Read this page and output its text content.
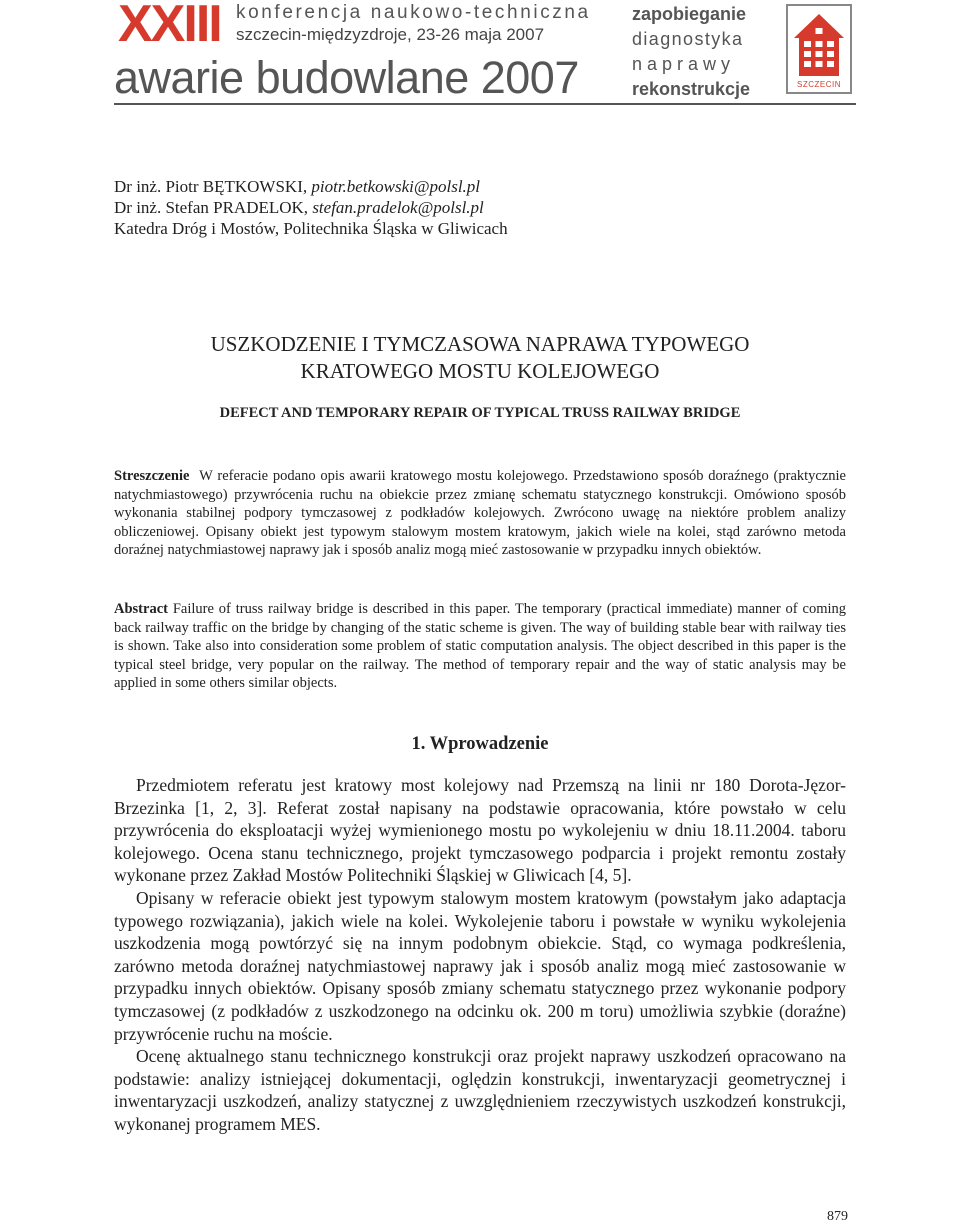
XXIII konferencja naukowo-techniczna
szczecin-międzyzdroje, 23-26 maja 2007
awarie budowlane 2007
zapobieganie
diagnostyka
naprawy
rekonstrukcje	SZCZECIN
Dr inż. Piotr BĘTKOWSKI, piotr.betkowski@polsl.pl
Dr inż. Stefan PRADELOK, stefan.pradelok@polsl.pl
Katedra Dróg i Mostów, Politechnika Śląska w Gliwicach
USZKODZENIE I TYMCZASOWA NAPRAWA TYPOWEGO
KRATOWEGO MOSTU KOLEJOWEGO
DEFECT AND TEMPORARY REPAIR OF TYPICAL TRUSS RAILWAY BRIDGE
Streszczenie W referacie podano opis awarii kratowego mostu kolejowego. Przedstawiono sposób doraźnego (praktycznie natychmiastowego) przywrócenia ruchu na obiekcie przez zmianę schematu statycznego konstrukcji. Omówiono sposób wykonania stabilnej podpory tymczasowej z podkładów kolejowych. Zwrócono uwagę na niektóre problem analizy obliczeniowej. Opisany obiekt jest typowym stalowym mostem kratowym, jakich wiele na kolei, stąd zarówno metoda doraźnej natychmiastowej naprawy jak i sposób analiz mogą mieć zastosowanie w przypadku innych obiektów.
Abstract Failure of truss railway bridge is described in this paper. The temporary (practical immediate) manner of coming back railway traffic on the bridge by changing of the static scheme is given. The way of building stable bear with railway ties is shown. Take also into consideration some problem of static computation analysis. The object described in this paper is the typical steel bridge, very popular on the railway. The method of temporary repair and the way of static analysis may be applied in some others similar objects.
1. Wprowadzenie

Przedmiotem referatu jest kratowy most kolejowy nad Przemszą na linii nr 180 Dorota-Jęzor-Brzezinka [1, 2, 3]. Referat został napisany na podstawie opracowania, które powstało w celu przywrócenia do eksploatacji wyżej wymienionego mostu po wykolejeniu w dniu 18.11.2004. taboru kolejowego. Ocena stanu technicznego, projekt tymczasowego podparcia i projekt remontu zostały wykonane przez Zakład Mostów Politechniki Śląskiej w Gliwicach [4, 5].

Opisany w referacie obiekt jest typowym stalowym mostem kratowym (powstałym jako adaptacja typowego rozwiązania), jakich wiele na kolei. Wykolejenie taboru i powstałe w wyniku wykolejenia uszkodzenia mogą powtórzyć się na innym podobnym obiekcie. Stąd, co wymaga podkreślenia, zarówno metoda doraźnej natychmiastowej naprawy jak i sposób analiz mogą mieć zastosowanie w przypadku innych obiektów. Opisany sposób zmiany schematu statycznego przez wykonanie podpory tymczasowej (z podkładów z uszkodzonego na odcinku ok. 200 m toru) umożliwia szybkie (doraźne) przywrócenie ruchu na moście.

Ocenę aktualnego stanu technicznego konstrukcji oraz projekt naprawy uszkodzeń opracowano na podstawie: analizy istniejącej dokumentacji, oględzin konstrukcji, inwentaryzacji geometrycznej i inwentaryzacji uszkodzeń, analizy statycznej z uwzględnieniem rzeczywistych uszkodzeń konstrukcji, wykonanej programem MES.

879
